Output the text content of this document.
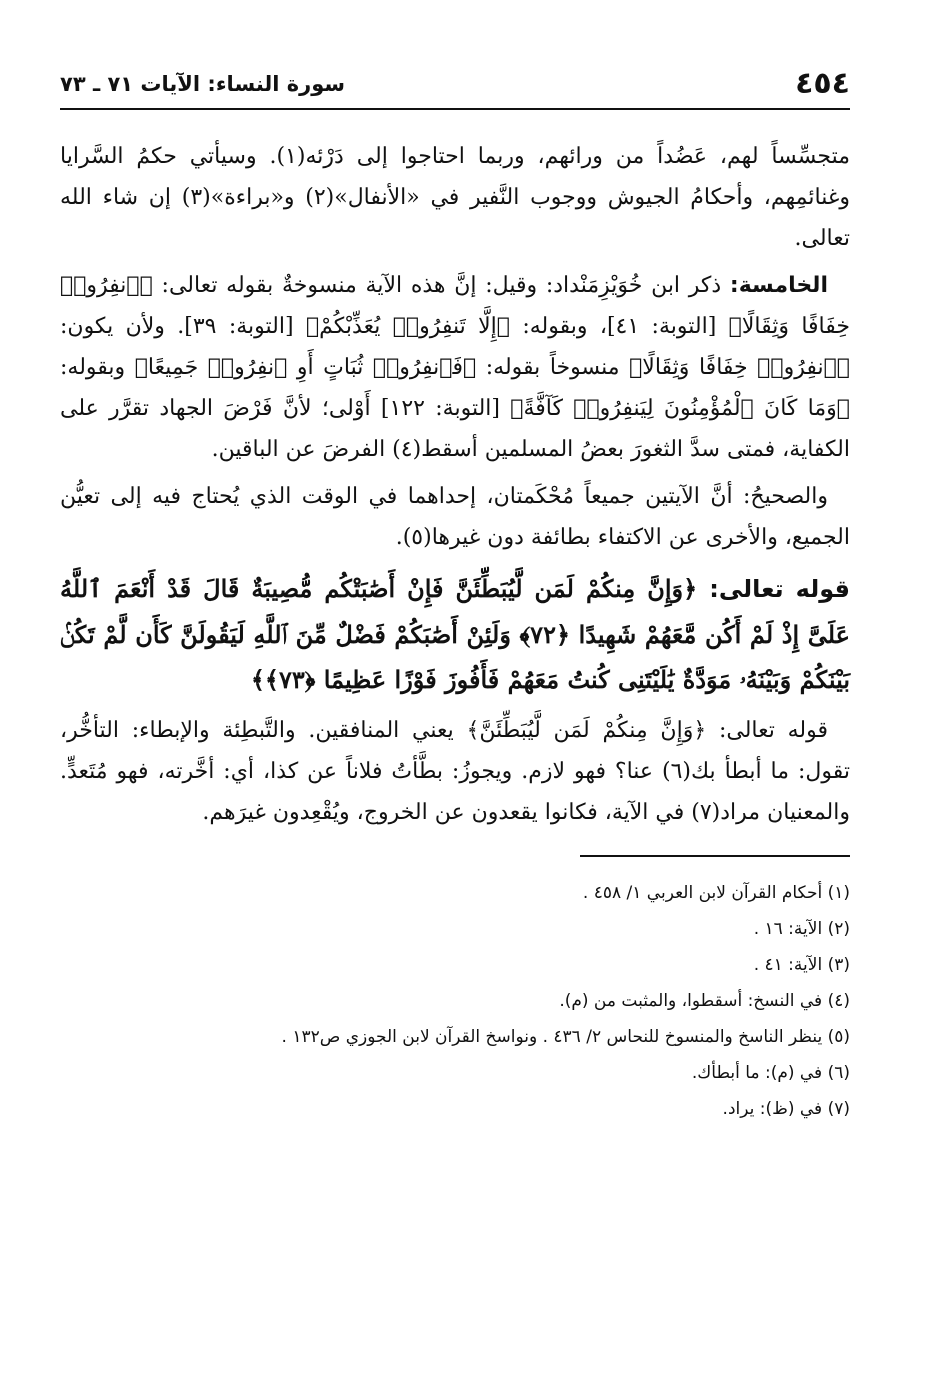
٤٥٤
سورة النساء: الآيات ٧١ ـ ٧٣

متجسِّساً لهم، عَضُداً من ورائهم، وربما احتاجوا إلى دَرْئه(١). وسيأتي حكمُ السَّرايا وغنائمِهم، وأحكامُ الجيوش ووجوب النَّفير في «الأنفال»(٢) و«براءة»(٣) إن شاء الله تعالى.

الخامسة: ذكر ابن خُوَيْزِمَنْداد: وقيل: إنَّ هذه الآية منسوخةٌ بقوله تعالى: ﴿ٱنفِرُوا۟ خِفَافًا وَثِقَالًا﴾ [التوبة: ٤١]، وبقوله: ﴿إِلَّا تَنفِرُوا۟ يُعَذِّبْكُمْ﴾ [التوبة: ٣٩]. ولأن يكون: ﴿ٱنفِرُوا۟ خِفَافًا وَثِقَالًا﴾ منسوخاً بقوله: ﴿فَٱنفِرُوا۟ ثُبَاتٍ أَوِ ٱنفِرُوا۟ جَمِيعًا﴾ وبقوله: ﴿وَمَا كَانَ ٱلْمُؤْمِنُونَ لِيَنفِرُوا۟ كَآفَّةً﴾ [التوبة: ١٢٢] أَوْلى؛ لأنَّ فَرْضَ الجهاد تقرَّر على الكفاية، فمتى سدَّ الثغورَ بعضُ المسلمين أسقط(٤) الفرضَ عن الباقين.

والصحيحُ: أنَّ الآيتين جميعاً مُحْكَمتان، إحداهما في الوقت الذي يُحتاج فيه إلى تعيُّن الجميع، والأخرى عن الاكتفاء بطائفة دون غيرها(٥).

قوله تعالى: ﴿وَإِنَّ مِنكُمْ لَمَن لَّيُبَطِّئَنَّ فَإِنْ أَصَٰبَتْكُم مُّصِيبَةٌ قَالَ قَدْ أَنْعَمَ ٱللَّهُ عَلَىَّ إِذْ لَمْ أَكُن مَّعَهُمْ شَهِيدًا ﴿٧٢﴾ وَلَئِنْ أَصَٰبَكُمْ فَضْلٌ مِّنَ ٱللَّهِ لَيَقُولَنَّ كَأَن لَّمْ تَكُنۢ بَيْنَكُمْ وَبَيْنَهُۥ مَوَدَّةٌ يَٰلَيْتَنِى كُنتُ مَعَهُمْ فَأَفُوزَ فَوْزًا عَظِيمًا ﴿٧٣﴾﴾

قوله تعالى: ﴿وَإِنَّ مِنكُمْ لَمَن لَّيُبَطِّئَنَّ﴾ يعني المنافقين. والتَّبطِئة والإبطاء: التأخُّر، تقول: ما أبطأ بك(٦) عنا؟ فهو لازم. ويجوزُ: بطَّأتُ فلاناً عن كذا، أي: أخَّرته، فهو مُتَعدٍّ. والمعنيان مراد(٧) في الآية، فكانوا يقعدون عن الخروج، ويُقْعِدون غيرَهم.

(١) أحكام القرآن لابن العربي ١/ ٤٥٨ .
(٢) الآية: ١٦ .
(٣) الآية: ٤١ .
(٤) في النسخ: أسقطوا، والمثبت من (م).
(٥) ينظر الناسخ والمنسوخ للنحاس ٢/ ٤٣٦ . ونواسخ القرآن لابن الجوزي ص١٣٢ .
(٦) في (م): ما أبطأك.
(٧) في (ظ): يراد.
